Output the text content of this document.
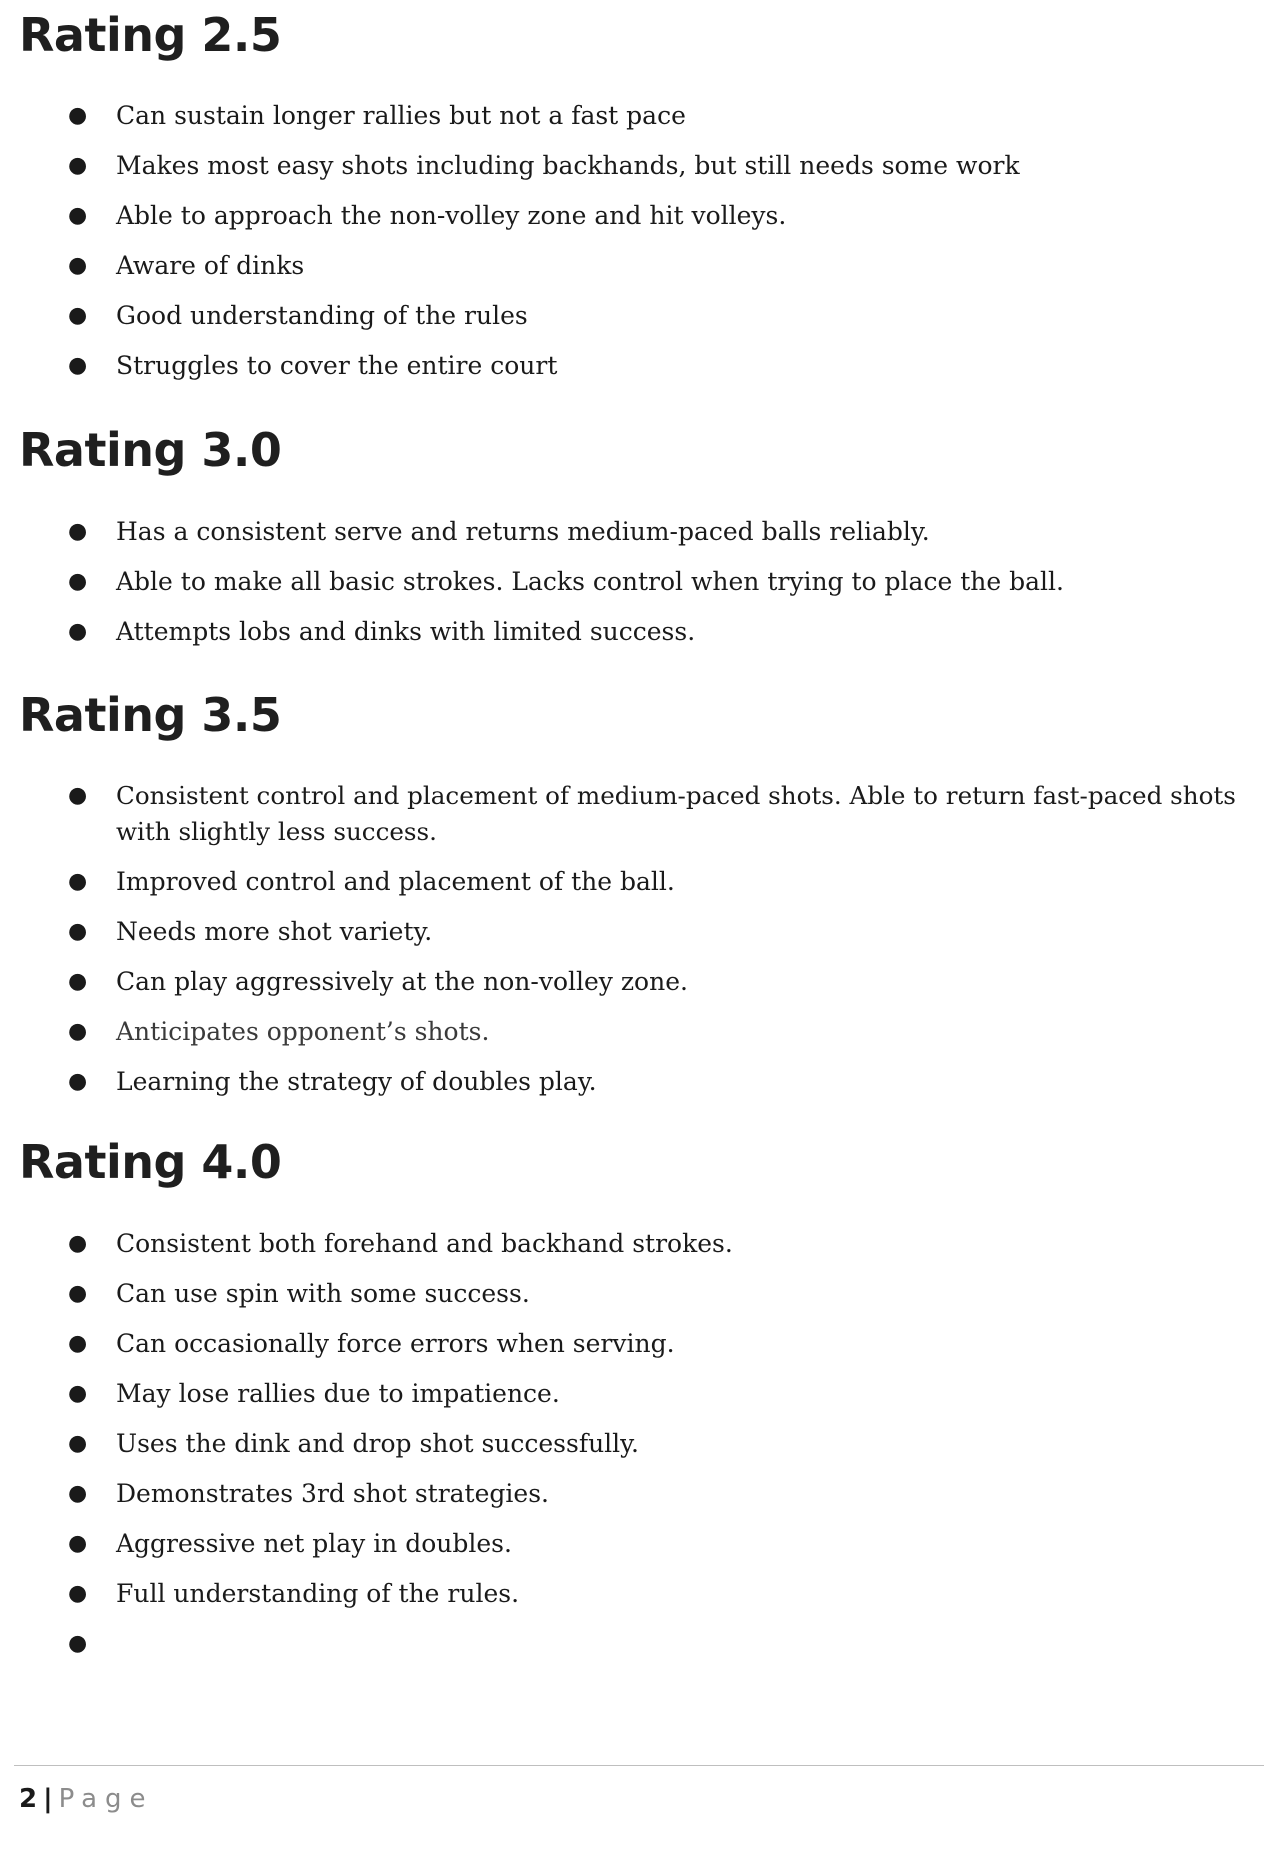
Rating 2.5
● Can sustain longer rallies but not a fast pace
● Makes most easy shots including backhands, but still needs some work
● Able to approach the non-volley zone and hit volleys.
● Aware of dinks
● Good understanding of the rules
● Struggles to cover the entire court
Rating 3.0
● Has a consistent serve and returns medium-paced balls reliably.
● Able to make all basic strokes. Lacks control when trying to place the ball.
● Attempts lobs and dinks with limited success.
Rating 3.5
● Consistent control and placement of medium-paced shots. Able to return fast-paced shots with slightly less success.
● Improved control and placement of the ball.
● Needs more shot variety.
● Can play aggressively at the non-volley zone.
● Anticipates opponent’s shots.
● Learning the strategy of doubles play.
Rating 4.0
● Consistent both forehand and backhand strokes.
● Can use spin with some success.
● Can occasionally force errors when serving.
● May lose rallies due to impatience.
● Uses the dink and drop shot successfully.
● Demonstrates 3rd shot strategies.
● Aggressive net play in doubles.
● Full understanding of the rules.
●
2 | Page
